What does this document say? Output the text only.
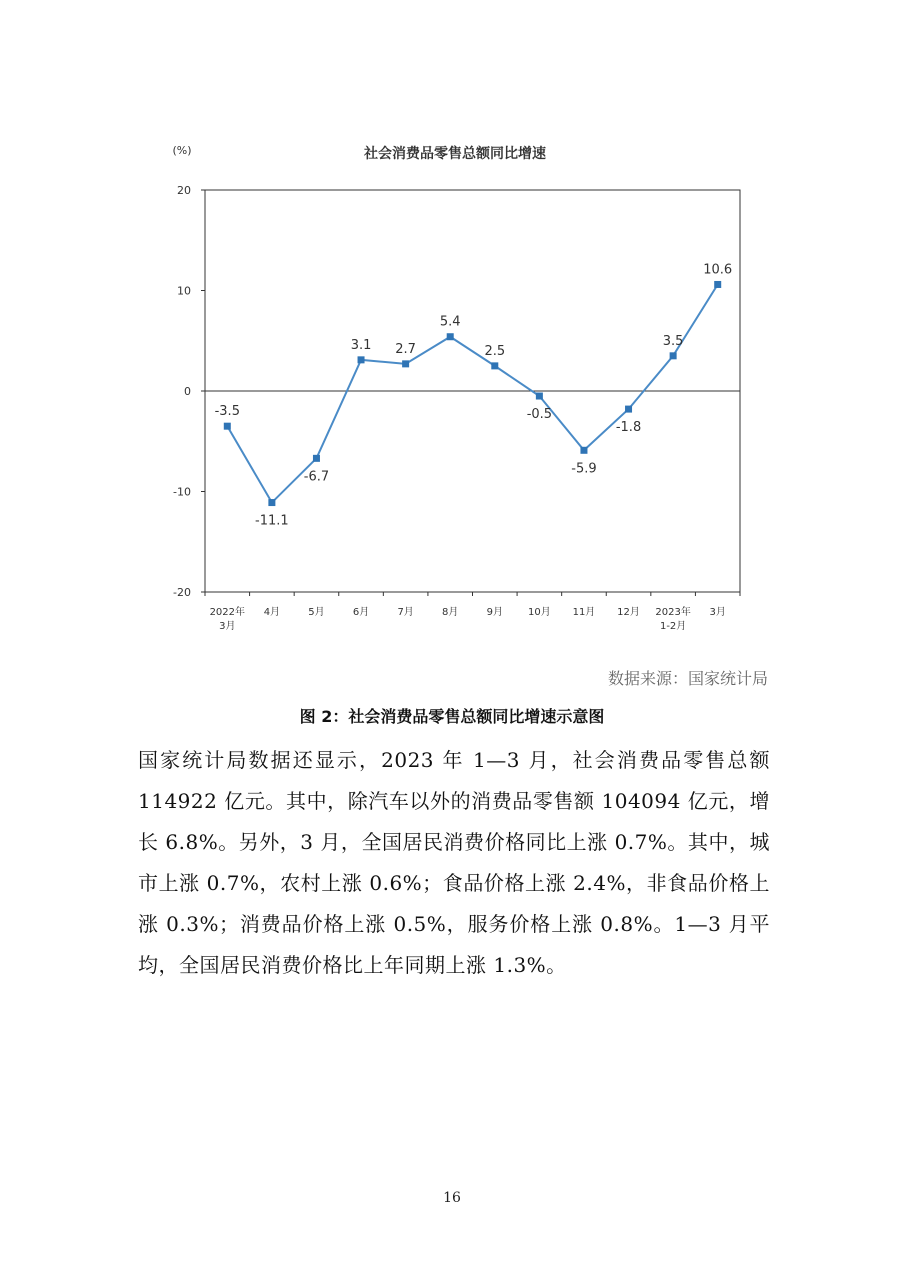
社会消费品零售总额同比增速
(%)
20
10
0
-10
-20
2022年
3月
4月	5月	6月	7月	8月	9月	10月 11月 12月 2023年
1-2月
3月
-3.5
-11.1
-6.7
3.1 2.7
5.4
2.5
-0.5
-5.9
-1.8
3.5
10.6
数据来源：国家统计局
图 2：社会消费品零售总额同比增速示意图

国家统计局数据还显示，2023 年 1—3 月，社会消费品零售总额 114922 亿元。其中，除汽车以外的消费品零售额 104094 亿元，增长 6.8%。另外，3 月，全国居民消费价格同比上涨 0.7%。其中，城市上涨 0.7%，农村上涨 0.6%；食品价格上涨 2.4%，非食品价格上涨 0.3%；消费品价格上涨 0.5%，服务价格上涨 0.8%。1—3 月平均，全国居民消费价格比上年同期上涨 1.3%。

16
